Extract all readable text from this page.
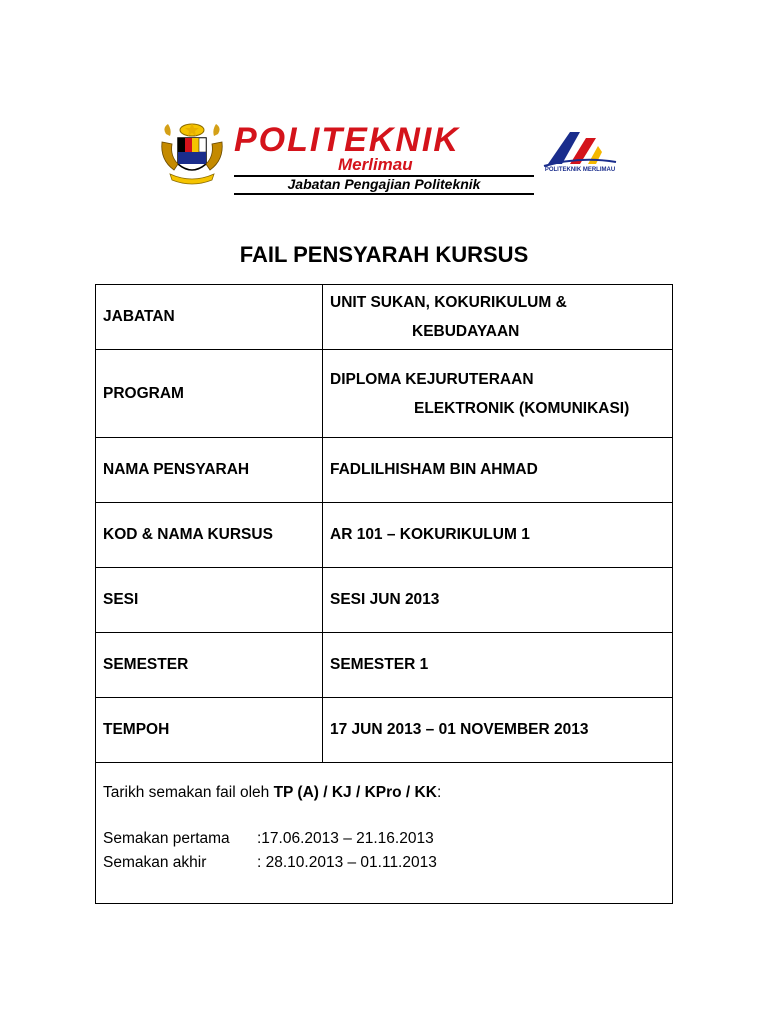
POLITEKNIK
Merlimau
Jabatan Pengajian Politeknik
POLITEKNIK MERLIMAU
FAIL PENSYARAH KURSUS
JABATAN	UNIT SUKAN, KOKURIKULUM &
KEBUDAYAAN

PROGRAM	DIPLOMA KEJURUTERAAN
ELEKTRONIK (KOMUNIKASI)

NAMA PENSYARAH	FADLILHISHAM BIN AHMAD
KOD & NAMA KURSUS	AR 101 – KOKURIKULUM 1
SESI	SESI JUN 2013
SEMESTER	SEMESTER 1
TEMPOH	17 JUN 2013 – 01 NOVEMBER 2013

Tarikh semakan fail oleh TP (A) / KJ / KPro / KK:
Semakan pertama :17.06.2013 – 21.16.2013
Semakan akhir : 28.10.2013 – 01.11.2013	
